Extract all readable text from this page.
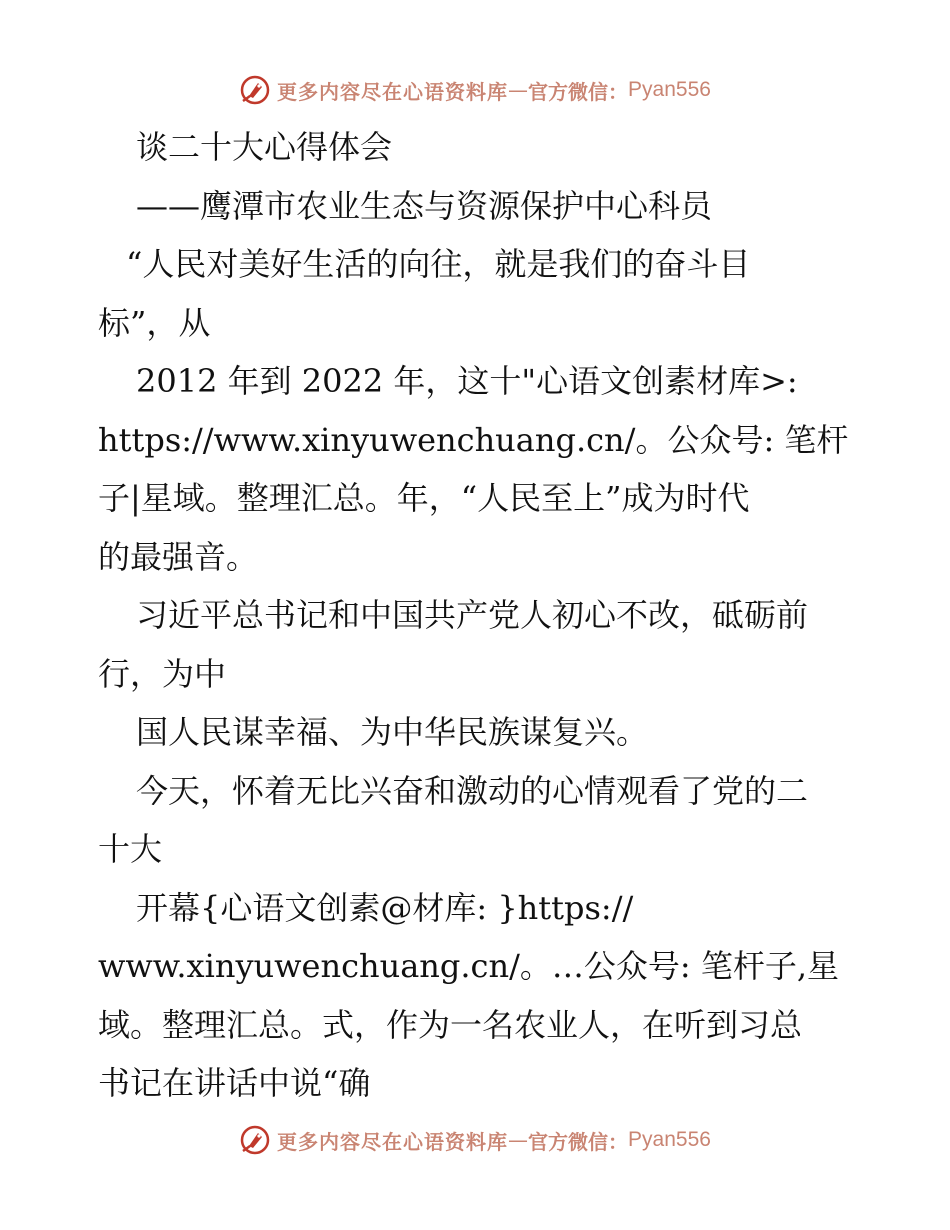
更多内容尽在心语资料库 — 官方微信： Pyan556
谈二十大心得体会
——鹰潭市农业生态与资源保护中心科员
“人民对美好生活的向往，就是我们的奋斗目
标”，从
2012 年到 2022 年，这十"心语文创素材库>:
https://www.xinyuwenchuang.cn/。公众号: 笔杆
子|星域。整理汇总。年，“人民至上”成为时代
的最强音。
习近平总书记和中国共产党人初心不改，砥砺前
行，为中
国人民谋幸福、为中华民族谋复兴。
今天，怀着无比兴奋和激动的心情观看了党的二
十大
开幕{心语文创素@材库: }https://
www.xinyuwenchuang.cn/。…公众号: 笔杆子,星
域。整理汇总。式，作为一名农业人，在听到习总
书记在讲话中说“确
更多内容尽在心语资料库 — 官方微信： Pyan556
